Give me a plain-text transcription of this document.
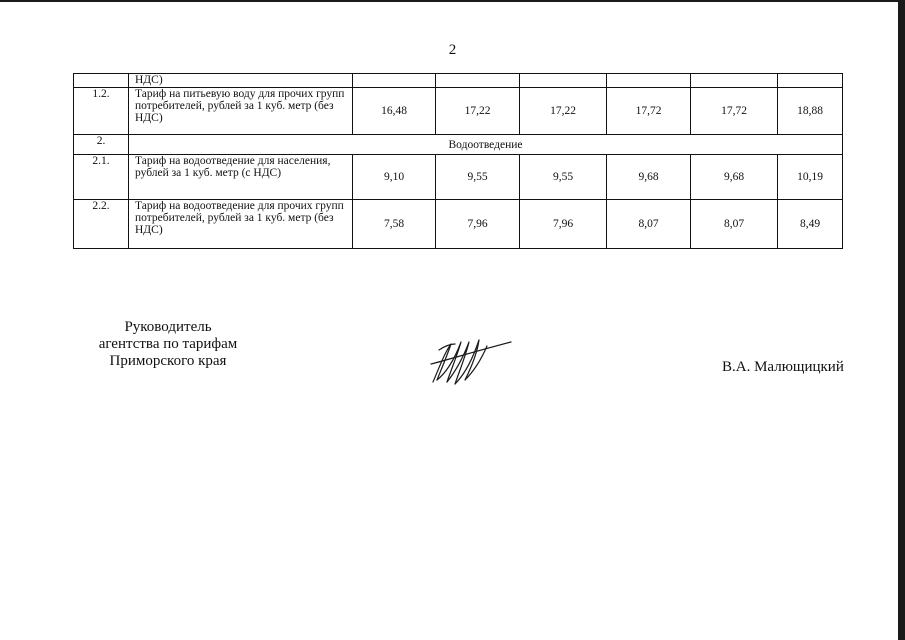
2
	НДС)						
1.2.	Тариф на питьевую воду для прочих групп потребителей, рублей за 1 куб. метр (без НДС)	16,48	17,22	17,22	17,72	17,72	18,88
2.	Водоотведение						
2.1.	Тариф на водоотведение для населения, рублей за 1 куб. метр (с НДС)	9,10	9,55	9,55	9,68	9,68	10,19
2.2.	Тариф на водоотведение для прочих групп потребителей, рублей за 1 куб. метр (без НДС)	7,58	7,96	7,96	8,07	8,07	8,49
Руководитель
агентства по тарифам
Приморского края	В.А. Малющицкий
